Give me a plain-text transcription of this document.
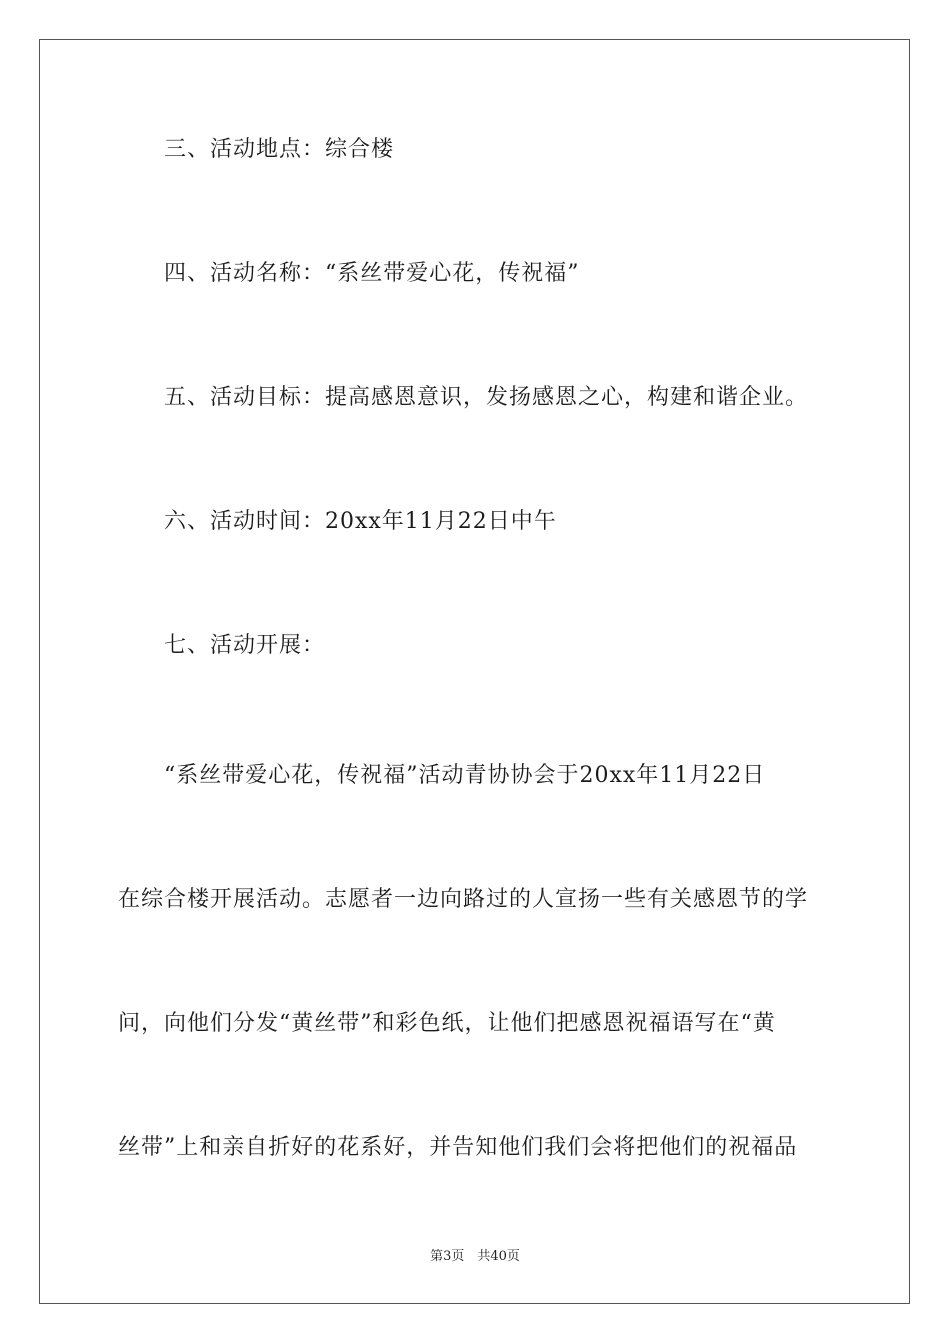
　　三、活动地点：综合楼
　　四、活动名称：“系丝带爱心花，传祝福”
　　五、活动目标：提高感恩意识，发扬感恩之心，构建和谐企业。
　　六、活动时间：20xx年11月22日中午
　　七、活动开展：
　　“系丝带爱心花，传祝福”活动青协协会于20xx年11月22日
在综合楼开展活动。志愿者一边向路过的人宣扬一些有关感恩节的学
问，向他们分发“黄丝带”和彩色纸，让他们把感恩祝福语写在“黄
丝带”上和亲自折好的花系好，并告知他们我们会将把他们的祝福品
第3页　共40页
